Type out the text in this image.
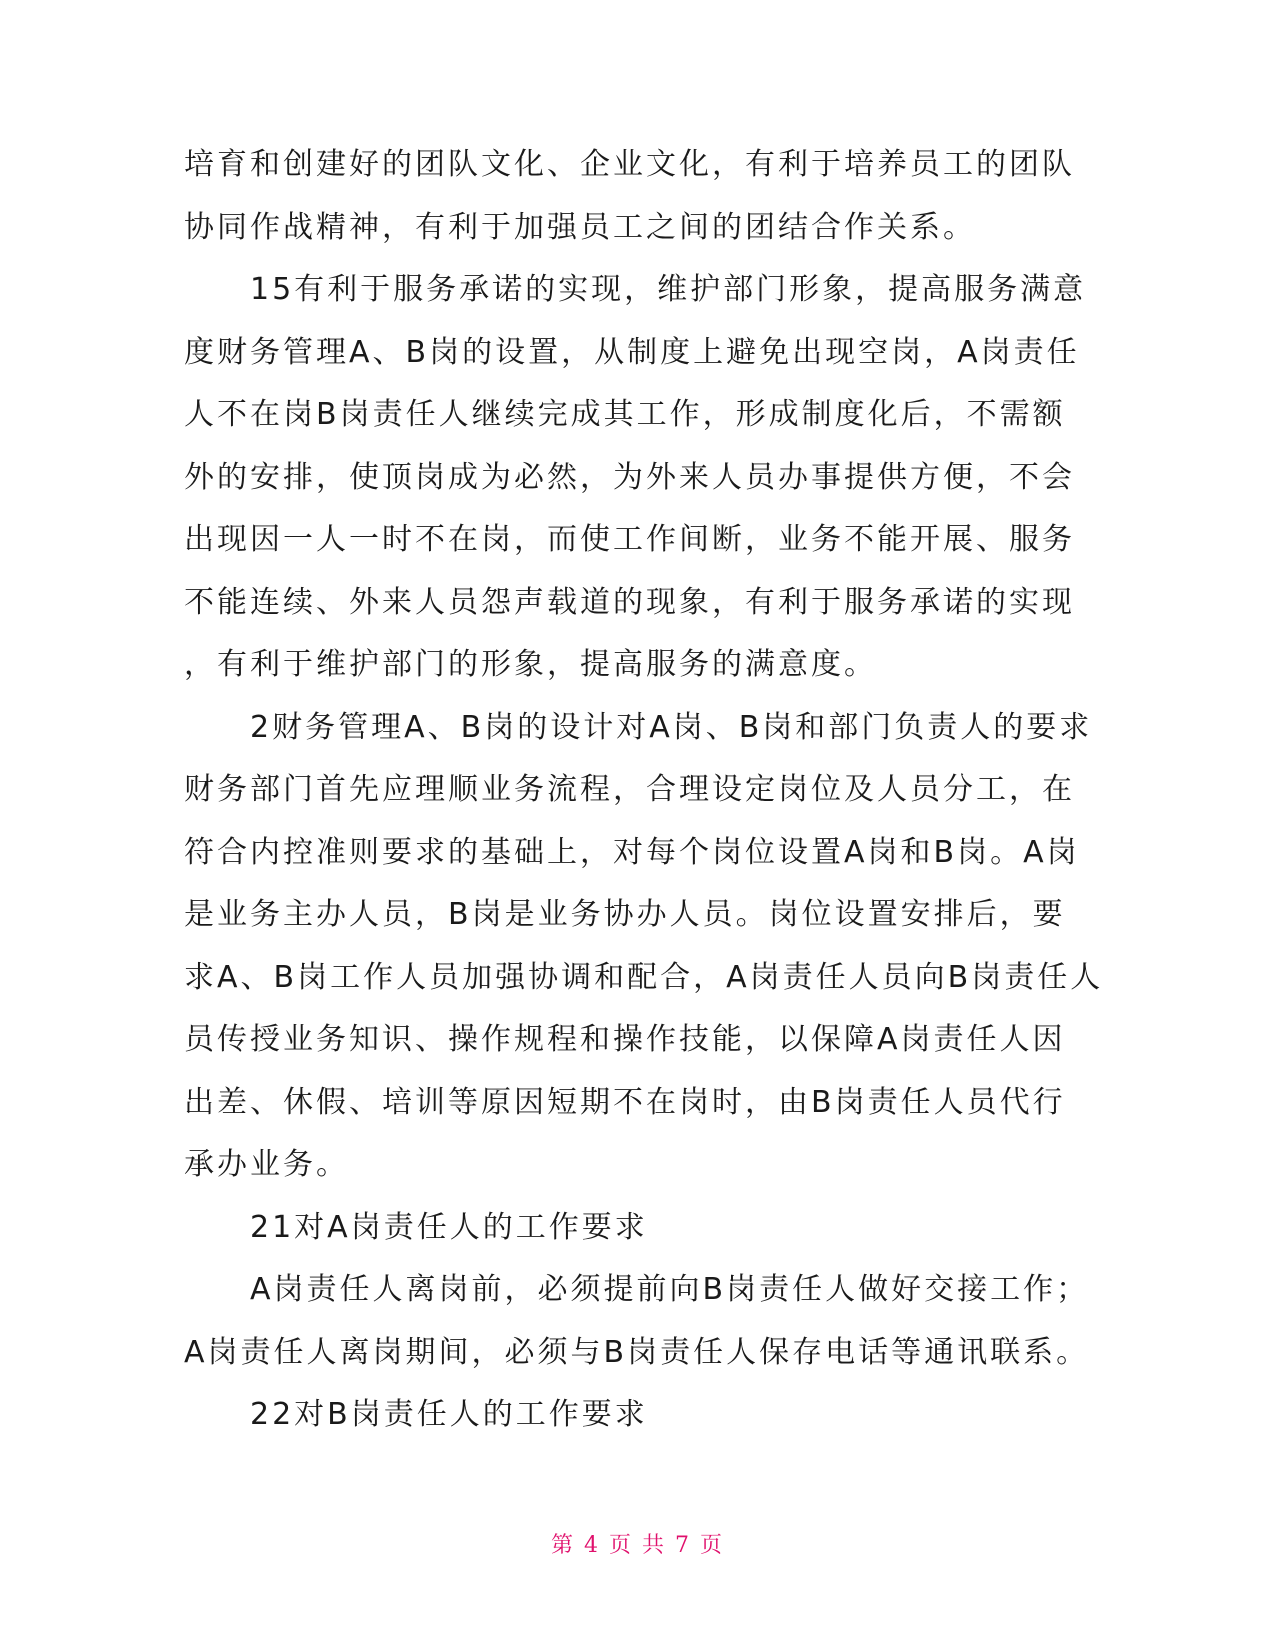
培育和创建好的团队文化、企业文化，有利于培养员工的团队
协同作战精神，有利于加强员工之间的团结合作关系。
　　15有利于服务承诺的实现，维护部门形象，提高服务满意
度财务管理A、B岗的设置，从制度上避免出现空岗，A岗责任
人不在岗B岗责任人继续完成其工作，形成制度化后，不需额
外的安排，使顶岗成为必然，为外来人员办事提供方便，不会
出现因一人一时不在岗，而使工作间断，业务不能开展、服务
不能连续、外来人员怨声载道的现象，有利于服务承诺的实现
，有利于维护部门的形象，提高服务的满意度。
　　2财务管理A、B岗的设计对A岗、B岗和部门负责人的要求
财务部门首先应理顺业务流程，合理设定岗位及人员分工，在
符合内控准则要求的基础上，对每个岗位设置A岗和B岗。A岗
是业务主办人员，B岗是业务协办人员。岗位设置安排后，要
求A、B岗工作人员加强协调和配合，A岗责任人员向B岗责任人
员传授业务知识、操作规程和操作技能，以保障A岗责任人因
出差、休假、培训等原因短期不在岗时，由B岗责任人员代行
承办业务。
　　21对A岗责任人的工作要求
　　A岗责任人离岗前，必须提前向B岗责任人做好交接工作；
A岗责任人离岗期间，必须与B岗责任人保存电话等通讯联系。
　　22对B岗责任人的工作要求
第 4 页 共 7 页
